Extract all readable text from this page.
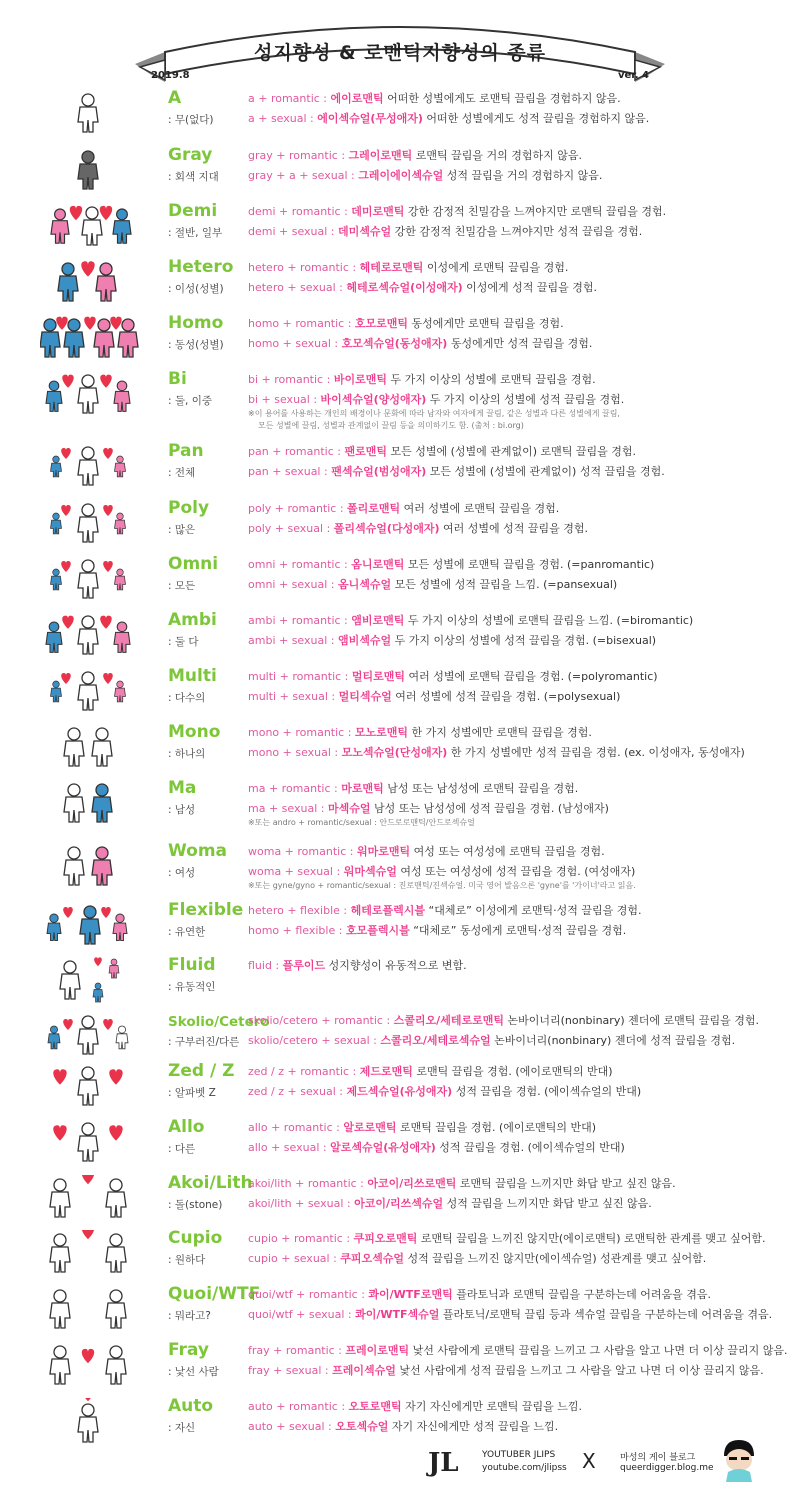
성지향성 & 로맨틱지향성의 종류
2019.8	ver. 4
A
: 무(없다)
a + romantic : 에이로맨틱 어떠한 성별에게도 로맨틱 끌림을 경험하지 않음.
a + sexual : 에이섹슈얼(무성애자) 어떠한 성별에게도 성적 끌림을 경험하지 않음.
Gray
: 회색 지대
gray + romantic : 그레이로맨틱 로맨틱 끌림을 거의 경험하지 않음.
gray + a + sexual : 그레이에이섹슈얼 성적 끌림을 거의 경험하지 않음.
Demi
: 절반, 일부
demi + romantic : 데미로맨틱 강한 감정적 친밀감을 느껴야지만 로맨틱 끌림을 경험.
demi + sexual : 데미섹슈얼 강한 감정적 친밀감을 느껴야지만 성적 끌림을 경험.
Hetero
: 이성(성별)
hetero + romantic : 헤테로로맨틱 이성에게 로맨틱 끌림을 경험.
hetero + sexual : 헤테로섹슈얼(이성애자) 이성에게 성적 끌림을 경험.
Homo
: 동성(성별)
homo + romantic : 호모로맨틱 동성에게만 로맨틱 끌림을 경험.
homo + sexual : 호모섹슈얼(동성애자) 동성에게만 성적 끌림을 경험.
Bi
: 둘, 이중
bi + romantic : 바이로맨틱 두 가지 이상의 성별에 로맨틱 끌림을 경험.
bi + sexual : 바이섹슈얼(양성애자) 두 가지 이상의 성별에 성적 끌림을 경험.
※이 용어를 사용하는 개인의 배경이나 문화에 따라 남자와 여자에게 끌림, 같은 성별과 다른 성별에게 끌림,
모든 성별에 끌림, 성별과 관계없이 끌림 등을 의미하기도 함. (출처 : bi.org)
Pan
: 전체
pan + romantic : 팬로맨틱 모든 성별에 (성별에 관계없이) 로맨틱 끌림을 경험.
pan + sexual : 팬섹슈얼(범성애자) 모든 성별에 (성별에 관계없이) 성적 끌림을 경험.
Poly
: 많은
poly + romantic : 폴리로맨틱 여러 성별에 로맨틱 끌림을 경험.
poly + sexual : 폴리섹슈얼(다성애자) 여러 성별에 성적 끌림을 경험.
Omni
: 모든
omni + romantic : 옴니로맨틱 모든 성별에 로맨틱 끌림을 경험. (=panromantic)
omni + sexual : 옴니섹슈얼 모든 성별에 성적 끌림을 느낌. (=pansexual)
Ambi
: 둘 다
ambi + romantic : 앰비로맨틱 두 가지 이상의 성별에 로맨틱 끌림을 느낌. (=biromantic)
ambi + sexual : 앰비섹슈얼 두 가지 이상의 성별에 성적 끌림을 경험. (=bisexual)
Multi
: 다수의
multi + romantic : 멀티로맨틱 여러 성별에 로맨틱 끌림을 경험. (=polyromantic)
multi + sexual : 멀티섹슈얼 여러 성별에 성적 끌림을 경험. (=polysexual)
Mono
: 하나의
mono + romantic : 모노로맨틱 한 가지 성별에만 로맨틱 끌림을 경험.
mono + sexual : 모노섹슈얼(단성애자) 한 가지 성별에만 성적 끌림을 경험. (ex. 이성애자, 동성애자)
Ma
: 남성
ma + romantic : 마로맨틱 남성 또는 남성성에 로맨틱 끌림을 경험.
ma + sexual : 마섹슈얼 남성 또는 남성성에 성적 끌림을 경험. (남성애자)
※또는 andro + romantic/sexual : 안드로로맨틱/안드로섹슈얼
Woma
: 여성
woma + romantic : 워마로맨틱 여성 또는 여성성에 로맨틱 끌림을 경험.
woma + sexual : 워마섹슈얼 여성 또는 여성성에 성적 끌림을 경험. (여성애자)
※또는 gyne/gyno + romantic/sexual : 진로맨틱/진섹슈얼. 미국 영어 발음으론 'gyne'를 '가이너'라고 읽음.
Flexible
: 유연한
hetero + flexible : 헤테로플렉시블 “대체로” 이성에게 로맨틱·성적 끌림을 경험.
homo + flexible : 호모플렉시블 “대체로” 동성에게 로맨틱·성적 끌림을 경험.
Fluid
: 유동적인
fluid : 플루이드 성지향성이 유동적으로 변함.
Skolio/Cetero
: 구부러진/다른
skolio/cetero + romantic : 스콜리오/세테로로맨틱 논바이너리(nonbinary) 젠더에 로맨틱 끌림을 경험.
skolio/cetero + sexual : 스콜리오/세테로섹슈얼 논바이너리(nonbinary) 젠더에 성적 끌림을 경험.
Zed / Z
: 알파벳 Z
zed / z + romantic : 제드로맨틱 로맨틱 끌림을 경험. (에이로맨틱의 반대)
zed / z + sexual : 제드섹슈얼(유성애자) 성적 끌림을 경험. (에이섹슈얼의 반대)
Allo
: 다른
allo + romantic : 알로로맨틱 로맨틱 끌림을 경험. (에이로맨틱의 반대)
allo + sexual : 알로섹슈얼(유성애자) 성적 끌림을 경험. (에이섹슈얼의 반대)
Akoi/Lith
: 돌(stone)
akoi/lith + romantic : 아코이/리쓰로맨틱 로맨틱 끌림을 느끼지만 화답 받고 싶진 않음.
akoi/lith + sexual : 아코이/리쓰섹슈얼 성적 끌림을 느끼지만 화답 받고 싶진 않음.
Cupio
: 원하다
cupio + romantic : 쿠피오로맨틱 로맨틱 끌림을 느끼진 않지만(에이로맨틱) 로맨틱한 관계를 맺고 싶어함.
cupio + sexual : 쿠피오섹슈얼 성적 끌림을 느끼진 않지만(에이섹슈얼) 성관계를 맺고 싶어함.
Quoi/WTF
: 뭐라고?
quoi/wtf + romantic : 콰이/WTF로맨틱 플라토닉과 로맨틱 끌림을 구분하는데 어려움을 겪음.
quoi/wtf + sexual : 콰이/WTF섹슈얼 플라토닉/로맨틱 끌림 등과 섹슈얼 끌림을 구분하는데 어려움을 겪음.
Fray
: 낯선 사람
fray + romantic : 프레이로맨틱 낯선 사람에게 로맨틱 끌림을 느끼고 그 사람을 알고 나면 더 이상 끌리지 않음.
fray + sexual : 프레이섹슈얼 낯선 사람에게 성적 끌림을 느끼고 그 사람을 알고 나면 더 이상 끌리지 않음.
Auto
: 자신
auto + romantic : 오토로맨틱 자기 자신에게만 로맨틱 끌림을 느낌.
auto + sexual : 오토섹슈얼 자기 자신에게만 성적 끌림을 느낌.
JL	YOUTUBER JLIPS
youtube.com/jlipss X	마성의 게이 블로그
queerdigger.blog.me
